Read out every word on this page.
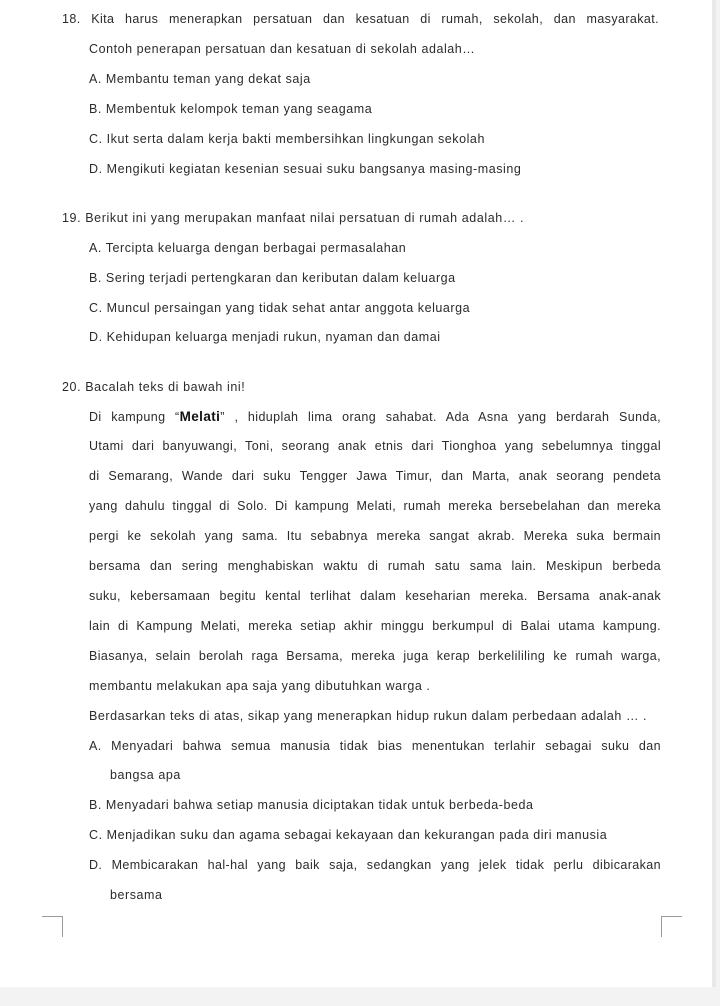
18. Kita harus menerapkan persatuan dan kesatuan di rumah, sekolah, dan masyarakat.
Contoh penerapan persatuan dan kesatuan di sekolah adalah…
A. Membantu teman yang dekat saja
B. Membentuk kelompok teman yang seagama
C. Ikut serta dalam kerja bakti membersihkan lingkungan sekolah
D. Mengikuti kegiatan kesenian sesuai suku bangsanya masing-masing
19. Berikut ini yang merupakan manfaat nilai persatuan di rumah adalah… .
A. Tercipta keluarga dengan berbagai permasalahan
B. Sering terjadi pertengkaran dan keributan dalam keluarga
C. Muncul persaingan yang tidak sehat antar anggota keluarga
D. Kehidupan keluarga menjadi rukun, nyaman dan damai
20. Bacalah teks di bawah ini!
Di kampung “Melati” , hiduplah lima orang sahabat. Ada Asna yang berdarah Sunda,
Utami dari banyuwangi, Toni, seorang anak etnis dari Tionghoa yang sebelumnya tinggal
di Semarang, Wande dari suku Tengger Jawa Timur, dan Marta, anak seorang pendeta
yang dahulu tinggal di Solo. Di kampung Melati, rumah mereka bersebelahan dan mereka
pergi ke sekolah yang sama. Itu sebabnya mereka sangat akrab. Mereka suka bermain
bersama dan sering menghabiskan waktu di rumah satu sama lain. Meskipun berbeda
suku, kebersamaan begitu kental terlihat dalam keseharian mereka. Bersama anak-anak
lain di Kampung Melati, mereka setiap akhir minggu berkumpul di Balai utama kampung.
Biasanya, selain berolah raga Bersama, mereka juga kerap berkelililing ke rumah warga,
membantu melakukan apa saja yang dibutuhkan warga .
Berdasarkan teks di atas, sikap yang menerapkan hidup rukun dalam perbedaan adalah … .
A. Menyadari bahwa semua manusia tidak bias menentukan terlahir sebagai suku dan
bangsa apa
B. Menyadari bahwa setiap manusia diciptakan tidak untuk berbeda-beda
C. Menjadikan suku dan agama sebagai kekayaan dan kekurangan pada diri manusia
D. Membicarakan hal-hal yang baik saja, sedangkan yang jelek tidak perlu dibicarakan
bersama
